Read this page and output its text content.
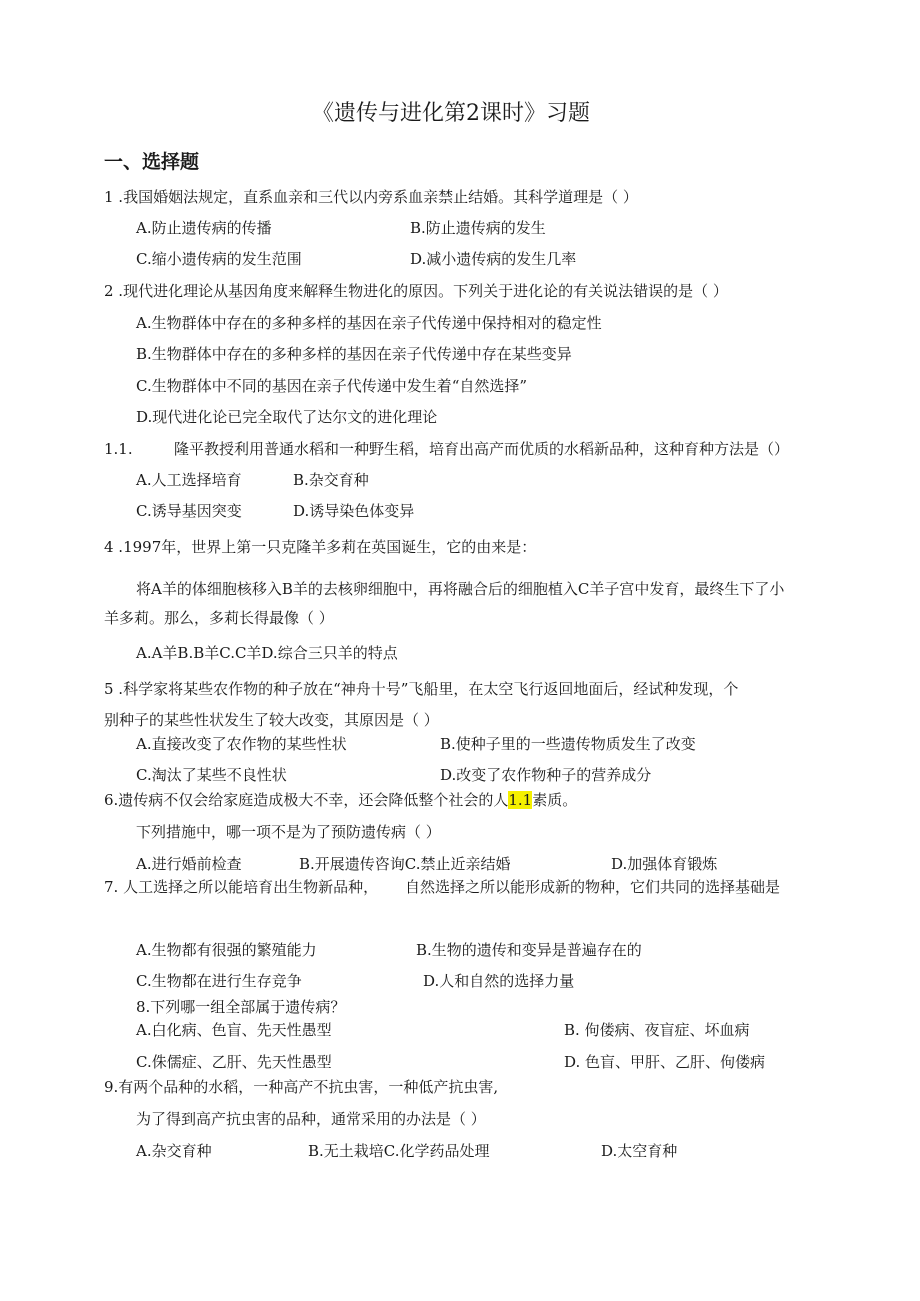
《遗传与进化第2课时》习题
一、选择题
1 .我国婚姻法规定，直系血亲和三代以内旁系血亲禁止结婚。其科学道理是（ ）
A.防止遗传病的传播	B.防止遗传病的发生
C.缩小遗传病的发生范围	D.减小遗传病的发生几率
2 .现代进化理论从基因角度来解释生物进化的原因。下列关于进化论的有关说法错误的是（ ）
A.生物群体中存在的多种多样的基因在亲子代传递中保持相对的稳定性
B.生物群体中存在的多种多样的基因在亲子代传递中存在某些变异
C.生物群体中不同的基因在亲子代传递中发生着“自然选择”
D.现代进化论已完全取代了达尔文的进化理论
1.1.	隆平教授利用普通水稻和一种野生稻，培育出高产而优质的水稻新品种，这种育种方法是（）
A.人工选择培育	B.杂交育种
C.诱导基因突变	D.诱导染色体变异
4 .1997年，世界上第一只克隆羊多莉在英国诞生，它的由来是：
将A羊的体细胞核移入B羊的去核卵细胞中，再将融合后的细胞植入C羊子宫中发育，最终生下了小
羊多莉。那么，多莉长得最像（ ）
A.A羊B.B羊C.C羊D.综合三只羊的特点
5 .科学家将某些农作物的种子放在“神舟十号”飞船里，在太空飞行返回地面后，经试种发现，个
别种子的某些性状发生了较大改变，其原因是（ ）
A.直接改变了农作物的某些性状	B.使种子里的一些遗传物质发生了改变
C.淘汰了某些不良性状	D.改变了农作物种子的营养成分
6.遗传病不仅会给家庭造成极大不幸，还会降低整个社会的人1.1素质。
下列措施中，哪一项不是为了预防遗传病（ ）
A.进行婚前检查	B.开展遗传咨询C.禁止近亲结婚	D.加强体育锻炼
7. 人工选择之所以能培育出生物新品种， 自然选择之所以能形成新的物种，它们共同的选择基础是
A.生物都有很强的繁殖能力	B.生物的遗传和变异是普遍存在的
C.生物都在进行生存竞争	D.人和自然的选择力量
8.下列哪一组全部属于遗传病？
A.白化病、色盲、先天性愚型	B. 佝偻病、夜盲症、坏血病
C.侏儒症、乙肝、先天性愚型	D. 色盲、甲肝、乙肝、佝偻病
9.有两个品种的水稻，一种高产不抗虫害，一种低产抗虫害,
为了得到高产抗虫害的品种，通常采用的办法是（ ）
A.杂交育种	B.无土栽培C.化学药品处理	D.太空育种
